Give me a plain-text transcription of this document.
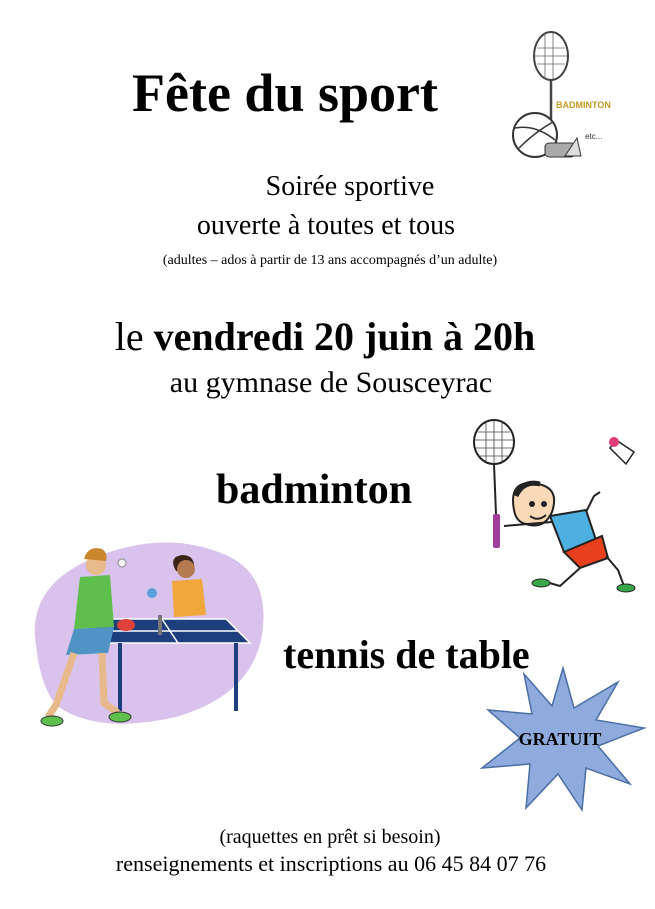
Fête du sport	BADMINTON
etc...
Soirée sportive
ouverte à toutes et tous
(adultes – ados à partir de 13 ans accompagnés d’un adulte)
le vendredi 20 juin à 20h
au gymnase de Sousceyrac
badminton
tennis de table
GRATUIT
(raquettes en prêt si besoin)
renseignements et inscriptions au 06 45 84 07 76
